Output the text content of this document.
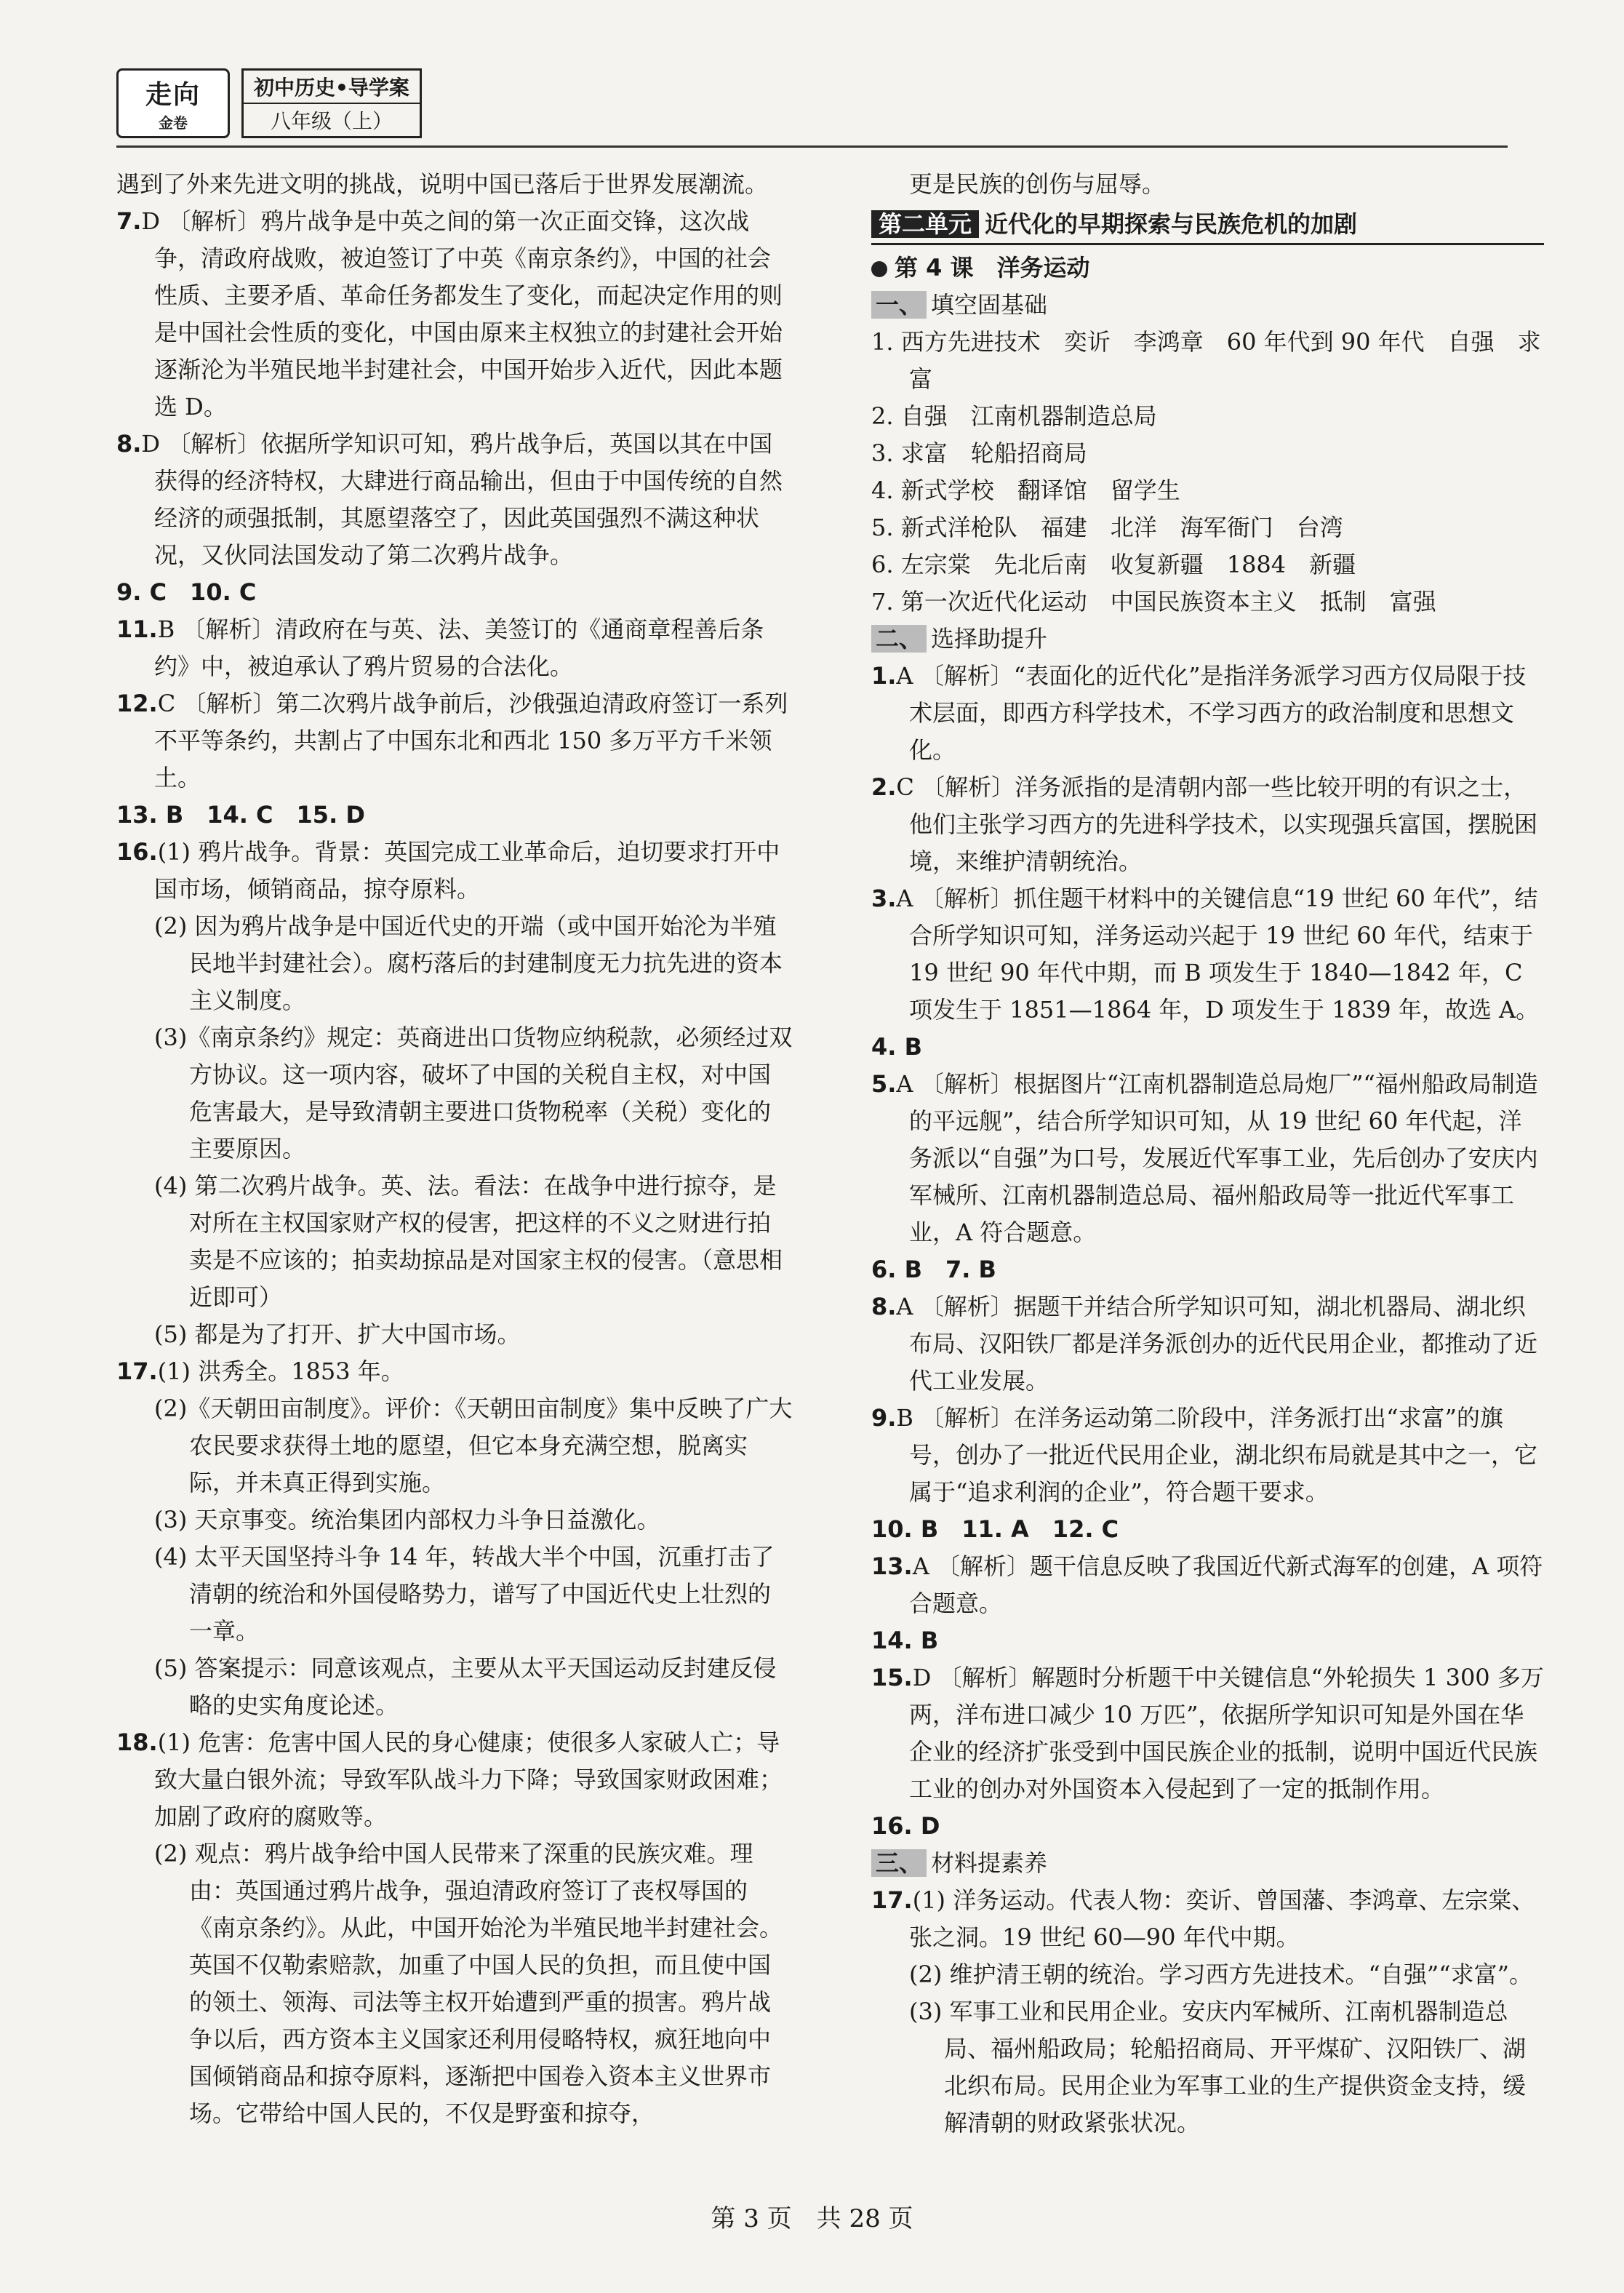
走向
金卷
初中历史•导学案
八年级（上）

遇到了外来先进文明的挑战，说明中国已落后于世界发展潮流。

7.D 〔解析〕鸦片战争是中英之间的第一次正面交锋，这次战争，清政府战败，被迫签订了中英《南京条约》，中国的社会性质、主要矛盾、革命任务都发生了变化，而起决定作用的则是中国社会性质的变化，中国由原来主权独立的封建社会开始逐渐沦为半殖民地半封建社会，中国开始步入近代，因此本题选 D。

8.D 〔解析〕依据所学知识可知，鸦片战争后，英国以其在中国获得的经济特权，大肆进行商品输出，但由于中国传统的自然经济的顽强抵制，其愿望落空了，因此英国强烈不满这种状况，又伙同法国发动了第二次鸦片战争。

9. C　10. C

11.B 〔解析〕清政府在与英、法、美签订的《通商章程善后条约》中，被迫承认了鸦片贸易的合法化。

12.C 〔解析〕第二次鸦片战争前后，沙俄强迫清政府签订一系列不平等条约，共割占了中国东北和西北 150 多万平方千米领土。

13. B　14. C　15. D

16.(1) 鸦片战争。背景：英国完成工业革命后，迫切要求打开中国市场，倾销商品，掠夺原料。

(2) 因为鸦片战争是中国近代史的开端（或中国开始沦为半殖民地半封建社会）。腐朽落后的封建制度无力抗先进的资本主义制度。

(3)《南京条约》规定：英商进出口货物应纳税款，必须经过双方协议。这一项内容，破坏了中国的关税自主权，对中国危害最大，是导致清朝主要进口货物税率（关税）变化的主要原因。

(4) 第二次鸦片战争。英、法。看法：在战争中进行掠夺，是对所在主权国家财产权的侵害，把这样的不义之财进行拍卖是不应该的；拍卖劫掠品是对国家主权的侵害。（意思相近即可）

(5) 都是为了打开、扩大中国市场。

17.(1) 洪秀全。1853 年。

(2)《天朝田亩制度》。评价：《天朝田亩制度》集中反映了广大农民要求获得土地的愿望，但它本身充满空想，脱离实际，并未真正得到实施。

(3) 天京事变。统治集团内部权力斗争日益激化。

(4) 太平天国坚持斗争 14 年，转战大半个中国，沉重打击了清朝的统治和外国侵略势力，谱写了中国近代史上壮烈的一章。

(5) 答案提示：同意该观点，主要从太平天国运动反封建反侵略的史实角度论述。

18.(1) 危害：危害中国人民的身心健康；使很多人家破人亡；导致大量白银外流；导致军队战斗力下降；导致国家财政困难；加剧了政府的腐败等。

(2) 观点：鸦片战争给中国人民带来了深重的民族灾难。理由：英国通过鸦片战争，强迫清政府签订了丧权辱国的《南京条约》。从此，中国开始沦为半殖民地半封建社会。英国不仅勒索赔款，加重了中国人民的负担，而且使中国的领土、领海、司法等主权开始遭到严重的损害。鸦片战争以后，西方资本主义国家还利用侵略特权，疯狂地向中国倾销商品和掠夺原料，逐渐把中国卷入资本主义世界市场。它带给中国人民的，不仅是野蛮和掠夺，

更是民族的创伤与屈辱。

第二单元 近代化的早期探索与民族危机的加剧

第 4 课　洋务运动

一、 填空固基础

1. 西方先进技术　奕䜣　李鸿章　60 年代到 90 年代　自强　求富

2. 自强　江南机器制造总局

3. 求富　轮船招商局

4. 新式学校　翻译馆　留学生

5. 新式洋枪队　福建　北洋　海军衙门　台湾

6. 左宗棠　先北后南　收复新疆　1884　新疆

7. 第一次近代化运动　中国民族资本主义　抵制　富强

二、 选择助提升

1.A 〔解析〕“表面化的近代化”是指洋务派学习西方仅局限于技术层面，即西方科学技术，不学习西方的政治制度和思想文化。

2.C 〔解析〕洋务派指的是清朝内部一些比较开明的有识之士，他们主张学习西方的先进科学技术，以实现强兵富国，摆脱困境，来维护清朝统治。

3.A 〔解析〕抓住题干材料中的关键信息“19 世纪 60 年代”，结合所学知识可知，洋务运动兴起于 19 世纪 60 年代，结束于 19 世纪 90 年代中期，而 B 项发生于 1840—1842 年，C 项发生于 1851—1864 年，D 项发生于 1839 年，故选 A。

4. B

5.A 〔解析〕根据图片“江南机器制造总局炮厂”“福州船政局制造的平远舰”，结合所学知识可知，从 19 世纪 60 年代起，洋务派以“自强”为口号，发展近代军事工业，先后创办了安庆内军械所、江南机器制造总局、福州船政局等一批近代军事工业，A 符合题意。

6. B　7. B

8.A 〔解析〕据题干并结合所学知识可知，湖北机器局、湖北织布局、汉阳铁厂都是洋务派创办的近代民用企业，都推动了近代工业发展。

9.B 〔解析〕在洋务运动第二阶段中，洋务派打出“求富”的旗号，创办了一批近代民用企业，湖北织布局就是其中之一，它属于“追求利润的企业”，符合题干要求。

10. B　11. A　12. C

13.A 〔解析〕题干信息反映了我国近代新式海军的创建，A 项符合题意。

14. B

15.D 〔解析〕解题时分析题干中关键信息“外轮损失 1 300 多万两，洋布进口减少 10 万匹”，依据所学知识可知是外国在华企业的经济扩张受到中国民族企业的抵制，说明中国近代民族工业的创办对外国资本入侵起到了一定的抵制作用。

16. D

三、 材料提素养

17.(1) 洋务运动。代表人物：奕䜣、曾国藩、李鸿章、左宗棠、张之洞。19 世纪 60—90 年代中期。

(2) 维护清王朝的统治。学习西方先进技术。“自强”“求富”。

(3) 军事工业和民用企业。安庆内军械所、江南机器制造总局、福州船政局；轮船招商局、开平煤矿、汉阳铁厂、湖北织布局。民用企业为军事工业的生产提供资金支持，缓解清朝的财政紧张状况。

第 3 页　共 28 页
